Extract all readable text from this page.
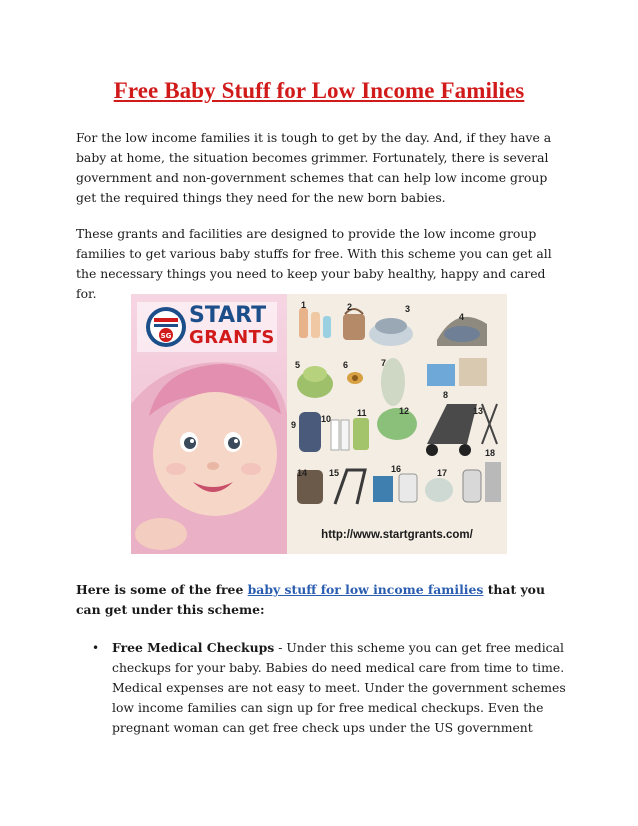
Free Baby Stuff for Low Income Families

For the low income families it is tough to get by the day. And, if they have a baby at home, the situation becomes grimmer. Fortunately, there is several government and non-government schemes that can help low income group get the required things they need for the new born babies.

These grants and facilities are designed to provide the low income group families to get various baby stuffs for free. With this scheme you can get all the necessary things you need to keep your baby healthy, happy and cared for.

SG
START
GRANTS
1	2	3
4
5	6	7
8
9
10
11	12	13
14 15	16	17
18
http://www.startgrants.com/
Here is some of the free baby stuff for low income families that you can get under this scheme:
• Free Medical Checkups - Under this scheme you can get free medical checkups for your baby. Babies do need medical care from time to time. Medical expenses are not easy to meet. Under the government schemes low income families can sign up for free medical checkups. Even the pregnant woman can get free check ups under the US government
